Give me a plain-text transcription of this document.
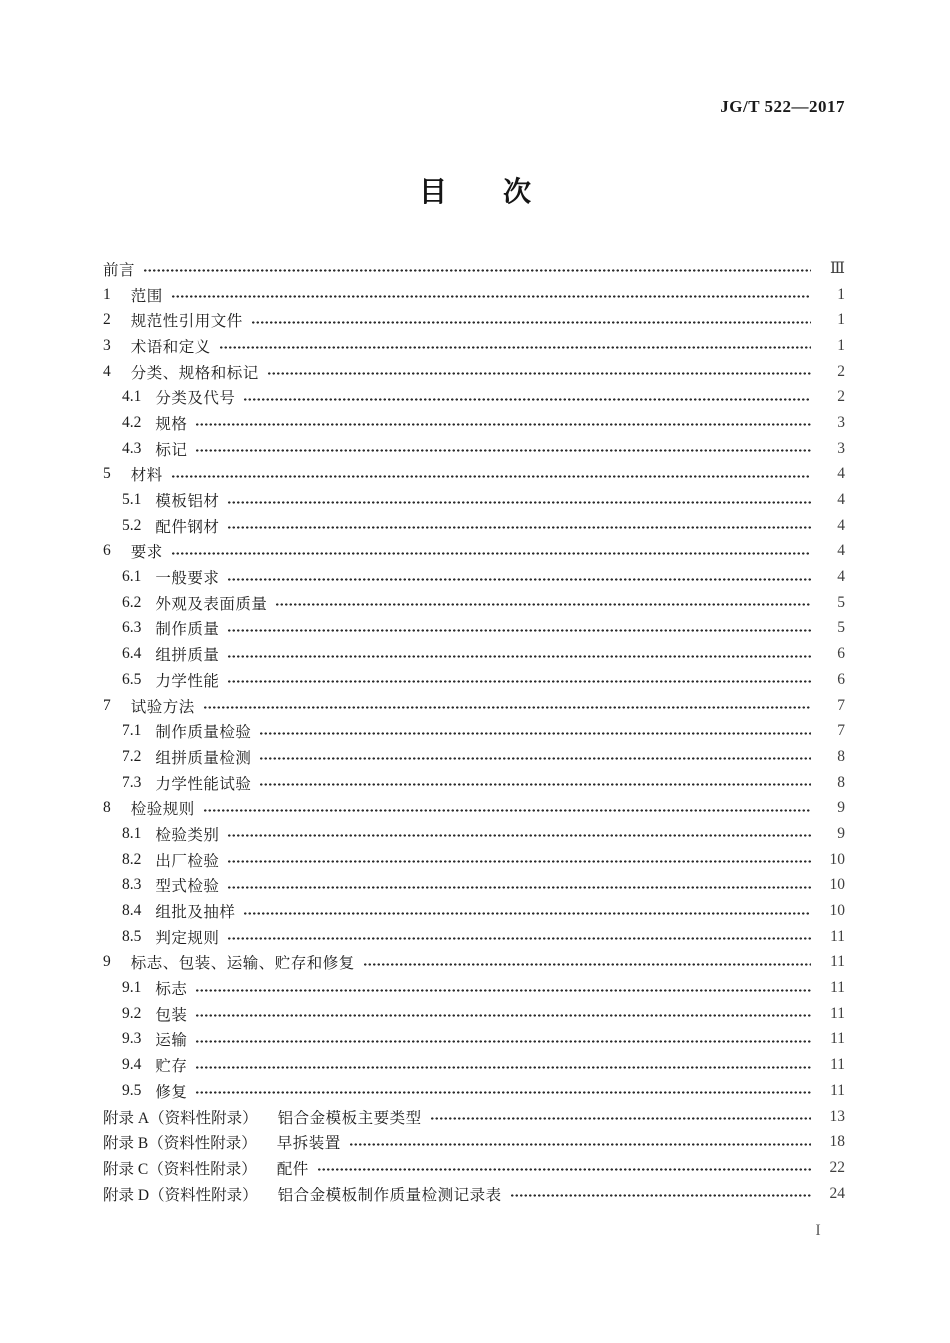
JG/T 522—2017
目　　次
前言	Ⅲ
1 范围	1
2 规范性引用文件	1
3 术语和定义	1
4 分类、规格和标记	2
4.1 分类及代号	2
4.2 规格	3
4.3 标记	3
5 材料	4
5.1 模板铝材	4
5.2 配件钢材	4
6 要求	4
6.1 一般要求	4
6.2 外观及表面质量	5
6.3 制作质量	5
6.4 组拼质量	6
6.5 力学性能	6
7 试验方法	7
7.1 制作质量检验	7
7.2 组拼质量检测	8
7.3 力学性能试验	8
8 检验规则	9
8.1 检验类别	9
8.2 出厂检验	10
8.3 型式检验	10
8.4 组批及抽样	10
8.5 判定规则	11
9 标志、包装、运输、贮存和修复	11
9.1 标志	11
9.2 包装	11
9.3 运输	11
9.4 贮存	11
9.5 修复	11
附录 A（资料性附录） 铝合金模板主要类型	13
附录 B（资料性附录） 早拆装置	18
附录 C（资料性附录） 配件	22
附录 D（资料性附录） 铝合金模板制作质量检测记录表	24
I
